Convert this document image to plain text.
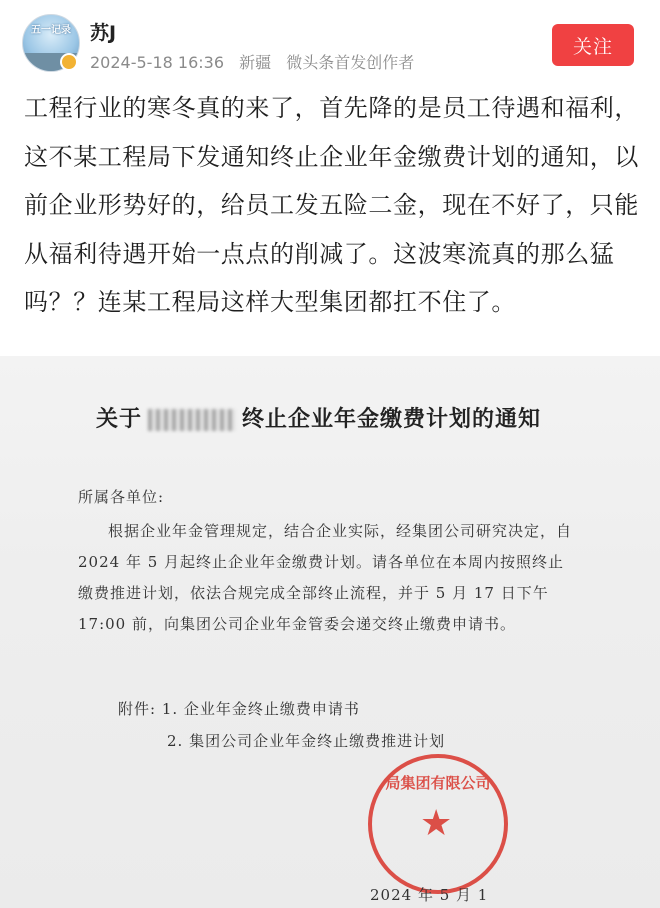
五一记录	苏J
2024-5-18 16:36 新疆 微头条首发创作者
关注
工程行业的寒冬真的来了，首先降的是员工待遇和福利，这不某工程局下发通知终止企业年金缴费计划的通知，以前企业形势好的，给员工发五险二金，现在不好了，只能从福利待遇开始一点点的削减了。这波寒流真的那么猛吗？？连某工程局这样大型集团都扛不住了。
关于	终止企业年金缴费计划的通知
所属各单位:
根据企业年金管理规定，结合企业实际，经集团公司研究决定，自 2024 年 5 月起终止企业年金缴费计划。请各单位在本周内按照终止缴费推进计划，依法合规完成全部终止流程，并于 5 月 17 日下午 17:00 前，向集团公司企业年金管委会递交终止缴费申请书。
附件: 1. 企业年金终止缴费申请书
2. 集团公司企业年金终止缴费推进计划
局集团有限公司
★
2024 年 5 月 1
